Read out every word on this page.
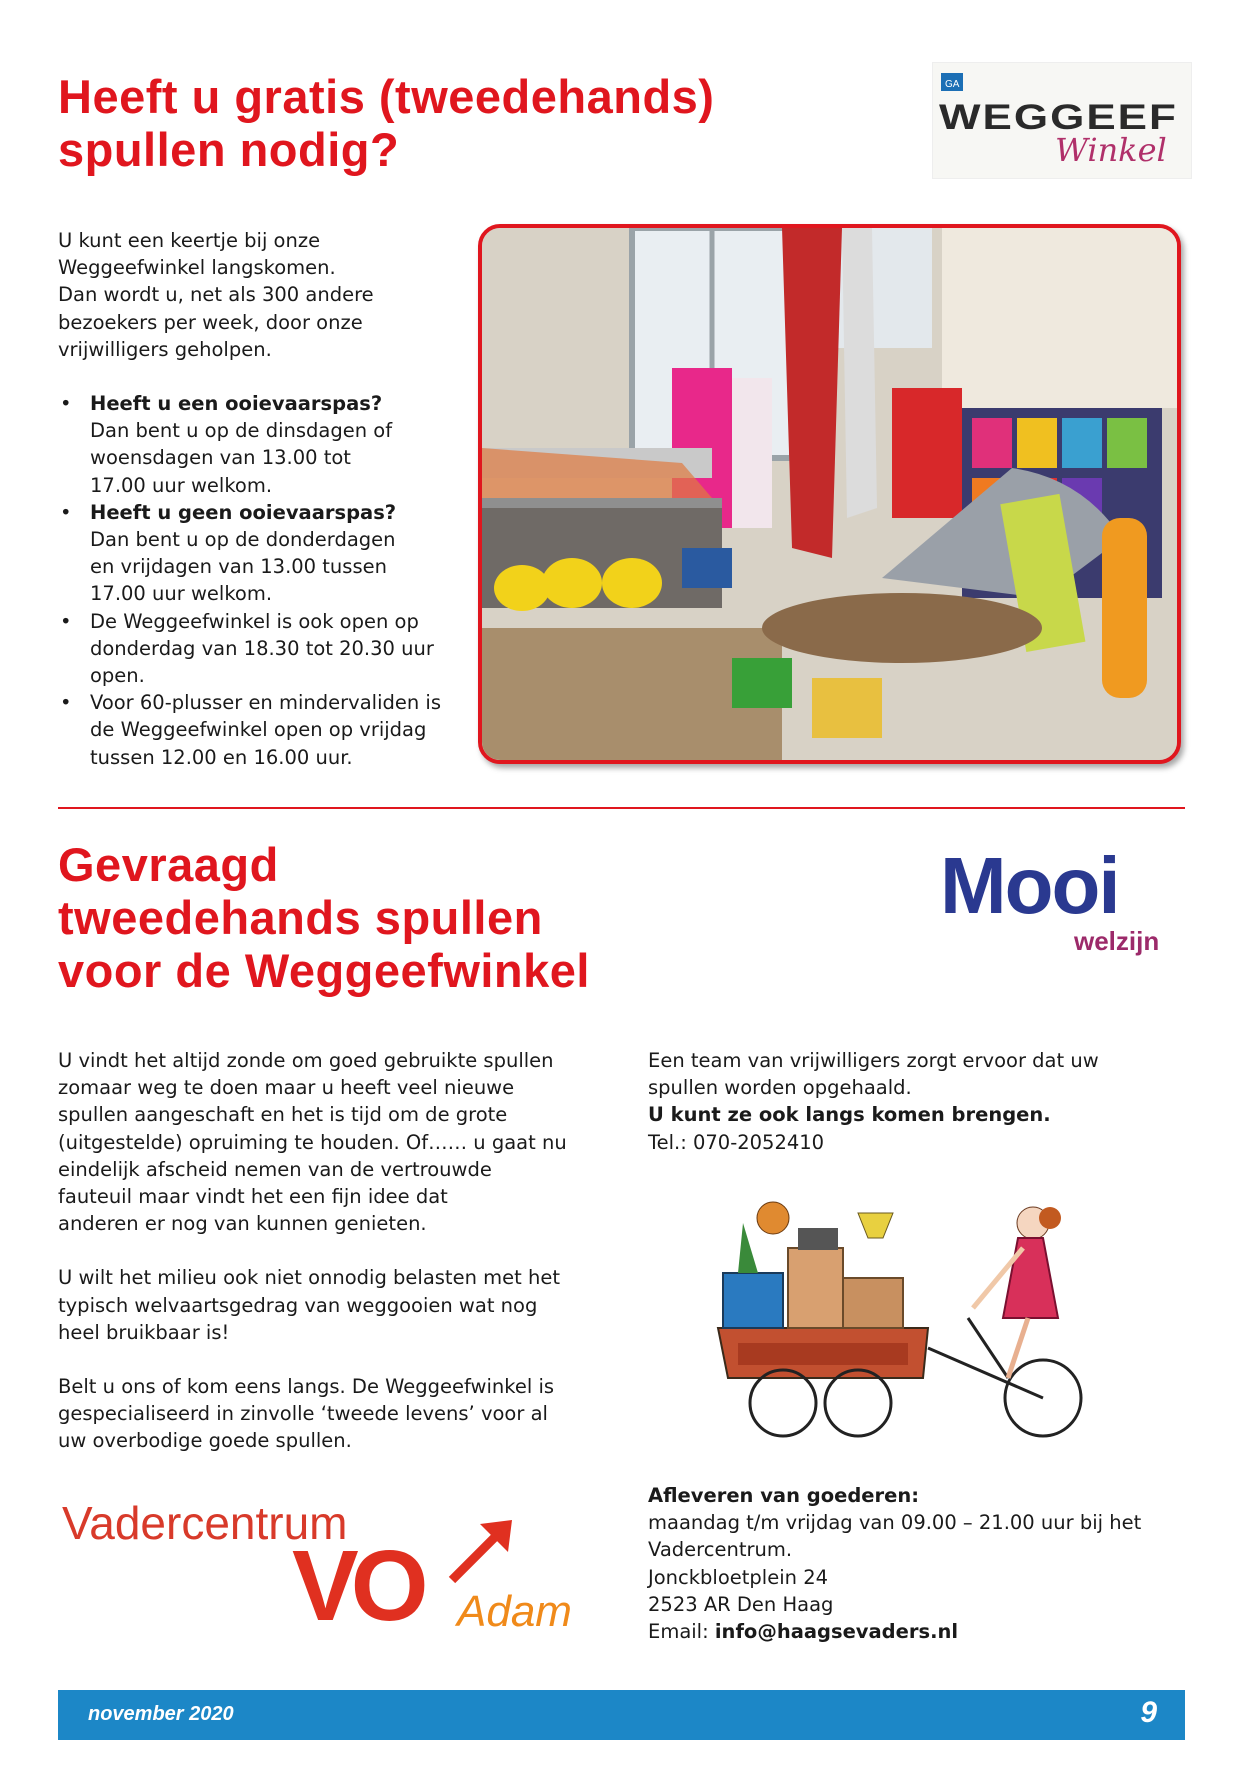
Heeft u gratis (tweedehands)
spullen nodig?
GA
WEGGEEF
Winkel
U kunt een keertje bij onze
Weggeefwinkel langskomen.
Dan wordt u, net als 300 andere
bezoekers per week, door onze
vrijwilligers geholpen.
• Heeft u een ooievaarspas?
Dan bent u op de dinsdagen of
woensdagen van 13.00 tot
17.00 uur welkom.
• Heeft u geen ooievaarspas?
Dan bent u op de donderdagen
en vrijdagen van 13.00 tussen
17.00 uur welkom.
• De Weggeefwinkel is ook open op
donderdag van 18.30 tot 20.30 uur
open.
• Voor 60-plusser en mindervaliden is
de Weggeefwinkel open op vrijdag
tussen 12.00 en 16.00 uur.
Gevraagd
tweedehands spullen
voor de Weggeefwinkel
Mooi
welzijn

U vindt het altijd zonde om goed gebruikte spullen
zomaar weg te doen maar u heeft veel nieuwe
spullen aangeschaft en het is tijd om de grote
(uitgestelde) opruiming te houden. Of…… u gaat nu
eindelijk afscheid nemen van de vertrouwde
fauteuil maar vindt het een fijn idee dat
anderen er nog van kunnen genieten.

U wilt het milieu ook niet onnodig belasten met het
typisch welvaartsgedrag van weggooien wat nog
heel bruikbaar is!

Belt u ons of kom eens langs. De Weggeefwinkel is
gespecialiseerd in zinvolle ‘tweede levens’ voor al
uw overbodige goede spullen.

Een team van vrijwilligers zorgt ervoor dat uw
spullen worden opgehaald.
U kunt ze ook langs komen brengen.
Tel.: 070-2052410
Afleveren van goederen:
maandag t/m vrijdag van 09.00 – 21.00 uur bij het
Vadercentrum.
Jonckbloetplein 24
2523 AR Den Haag
Email: info@haagsevaders.nl
Vadercentrum
VO Adam
november 2020	9
